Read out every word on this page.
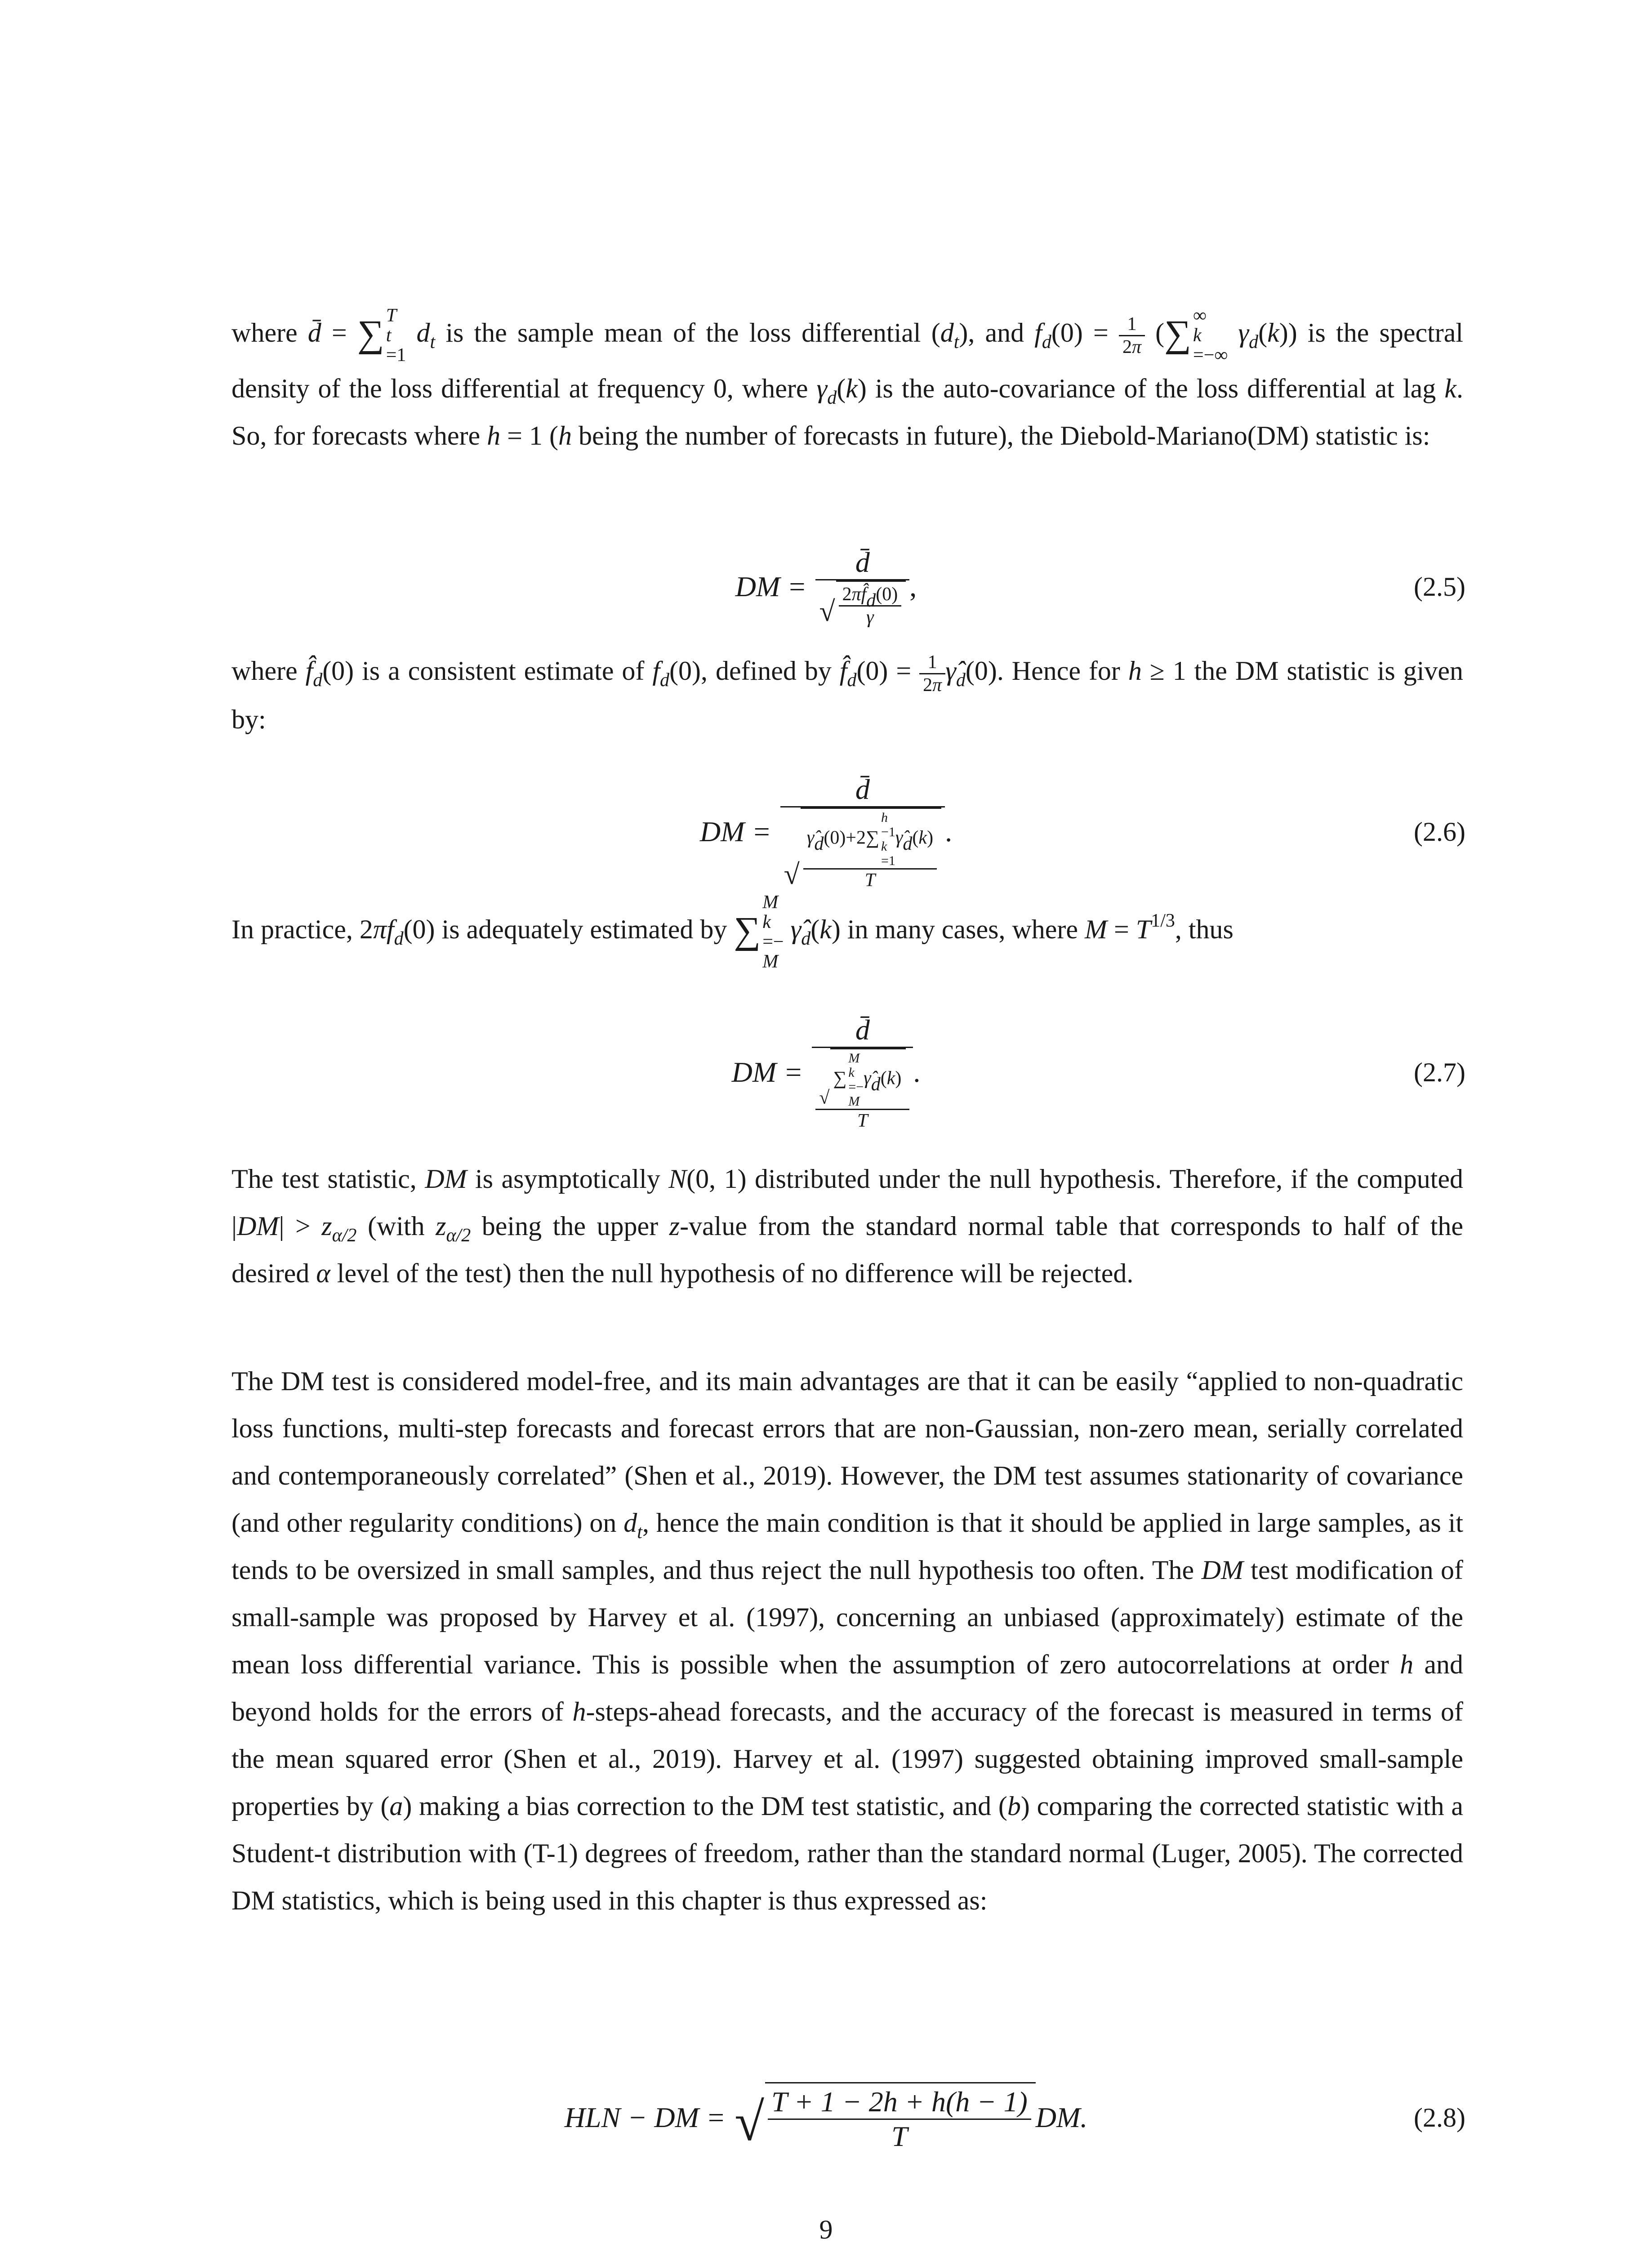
where d̄ = ∑ T
t
=1
$d_t$ is the sample mean of the loss differential $(d_t)$, and $f_d(0) = \frac{1}{2\pi}$ (∑ ∞
k
=−∞
$\gamma_d(k)$) is the spectral density of the loss differential at frequency 0, where $\gamma_d(k)$ is the auto-covariance of the loss differential at lag k. So, for forecasts where h = 1 (h being the number of forecasts in future), the Diebold-Mariano(DM) statistic is:

DM = $\frac{d̄}{√ \frac{2\pi f̂d(0)}{\gamma}}$ ,	(2.5)

where $f̂_d(0)$ is a consistent estimate of $f_d(0)$, defined by $f̂_d(0) = \frac{1}{2\pi}$ $\gammâ_d(0)$. Hence for h ≥ 1 the DM statistic is given by:

DM = d̄
√ γ̂d(0)+2∑
h
−1
k
=1
γ̂d(k)
T .	(2.6)

In practice, $2\pi f_d(0)$ is adequately estimated by ∑
M
k
=−
M
$\gammâ_d(k)$ in many cases, where $M = T^{1/3}$, thus

DM = d̄
√
∑
M
k
=−
M
γ̂d(k)
T .	(2.7)

The test statistic, DM is asymptotically N(0, 1) distributed under the null hypothesis. Therefore, if the computed $|DM| > z_{\alpha/2}$ (with $z_{\alpha/2}$ being the upper z-value from the standard normal table that corresponds to half of the desired α level of the test) then the null hypothesis of no difference will be rejected.

The DM test is considered model-free, and its main advantages are that it can be easily “applied to non-quadratic loss functions, multi-step forecasts and forecast errors that are non-Gaussian, non-zero mean, serially correlated and contemporaneously correlated” (Shen et al., 2019). However, the DM test assumes stationarity of covariance (and other regularity conditions) on $d_t$, hence the main condition is that it should be applied in large samples, as it tends to be oversized in small samples, and thus reject the null hypothesis too often. The DM test modification of small-sample was proposed by Harvey et al. (1997), concerning an unbiased (approximately) estimate of the mean loss differential variance. This is possible when the assumption of zero autocorrelations at order h and beyond holds for the errors of h-steps-ahead forecasts, and the accuracy of the forecast is measured in terms of the mean squared error (Shen et al., 2019). Harvey et al. (1997) suggested obtaining improved small-sample properties by (a) making a bias correction to the DM test statistic, and (b) comparing the corrected statistic with a Student-t distribution with (T-1) degrees of freedom, rather than the standard normal (Luger, 2005). The corrected DM statistics, which is being used in this chapter is thus expressed as:

HLN − DM = √ $\frac{T + 1 - 2h + h(h - 1)}{T}$ DM.	(2.8)
9
